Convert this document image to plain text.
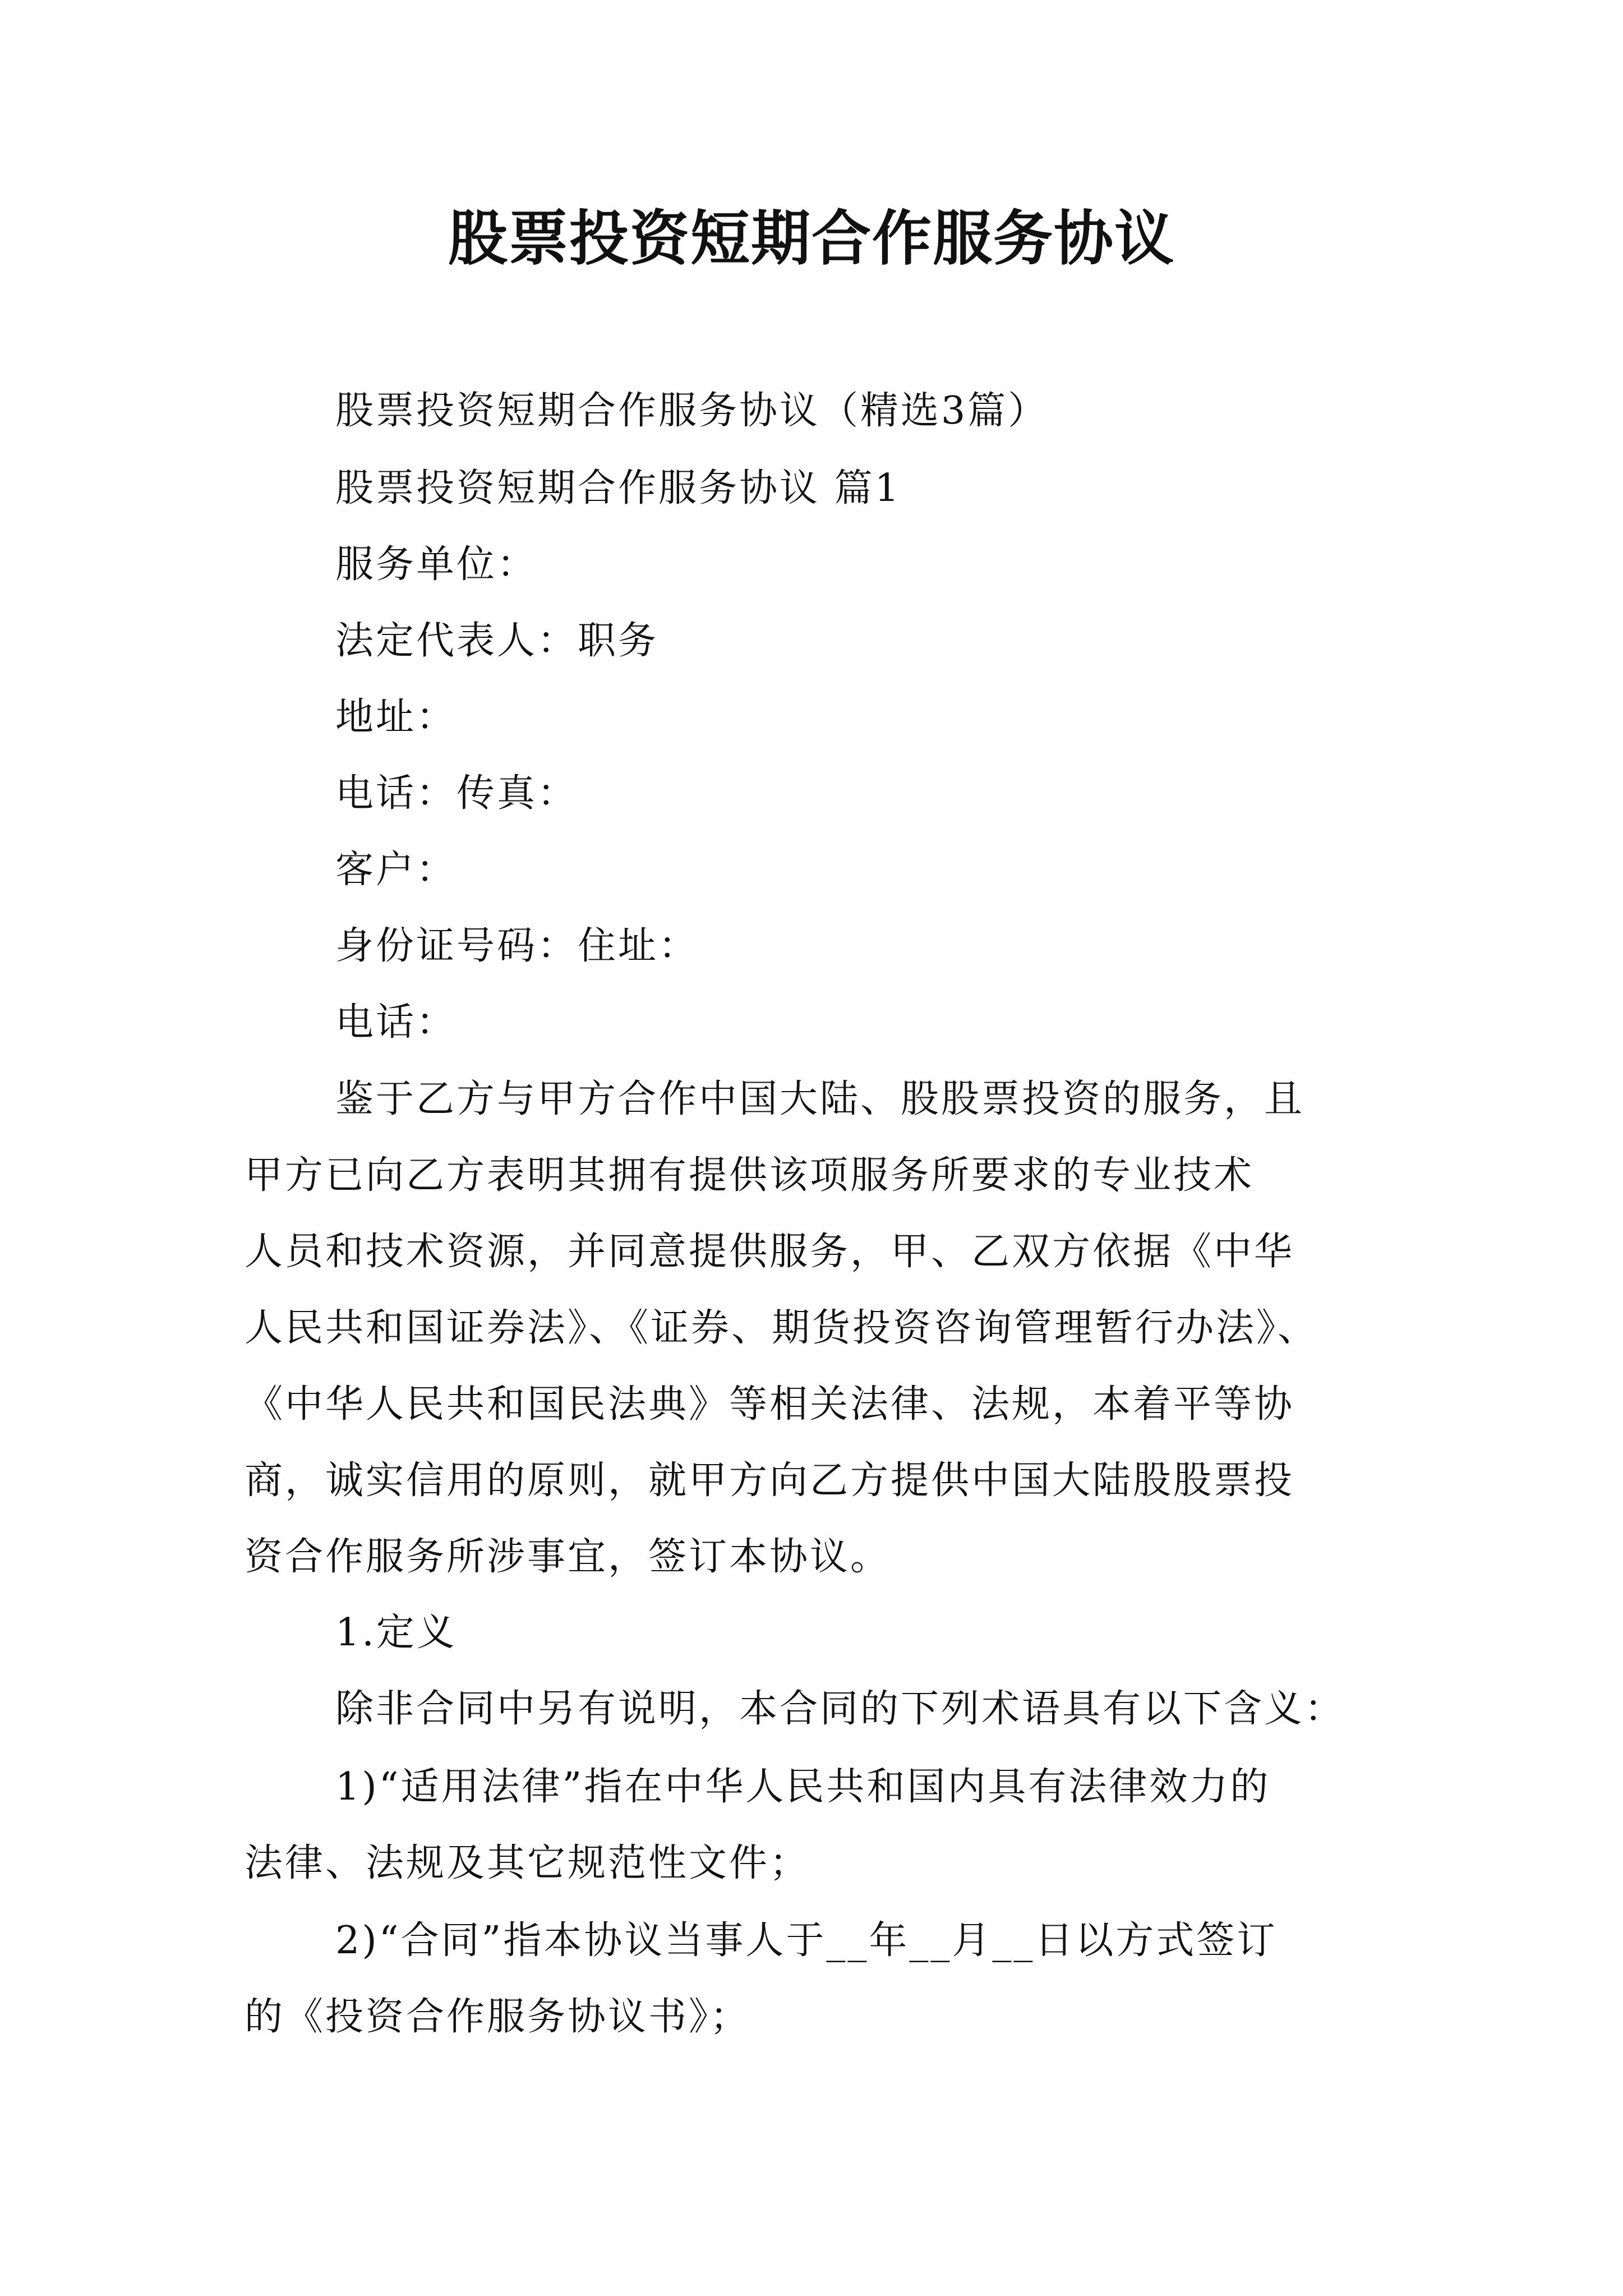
股票投资短期合作服务协议
股票投资短期合作服务协议（精选3篇）
股票投资短期合作服务协议 篇1
服务单位：
法定代表人：职务
地址：
电话：传真：
客户：
身份证号码：住址：
电话：
鉴于乙方与甲方合作中国大陆、股股票投资的服务，且
甲方已向乙方表明其拥有提供该项服务所要求的专业技术
人员和技术资源，并同意提供服务，甲、乙双方依据《中华
人民共和国证券法》、《证券、期货投资咨询管理暂行办法》、
《中华人民共和国民法典》等相关法律、法规，本着平等协
商，诚实信用的原则，就甲方向乙方提供中国大陆股股票投
资合作服务所涉事宜，签订本协议。
1.定义
除非合同中另有说明，本合同的下列术语具有以下含义：
1)“适用法律”指在中华人民共和国内具有法律效力的
法律、法规及其它规范性文件；
2)“合同”指本协议当事人于__年__月__日以方式签订
的《投资合作服务协议书》；
